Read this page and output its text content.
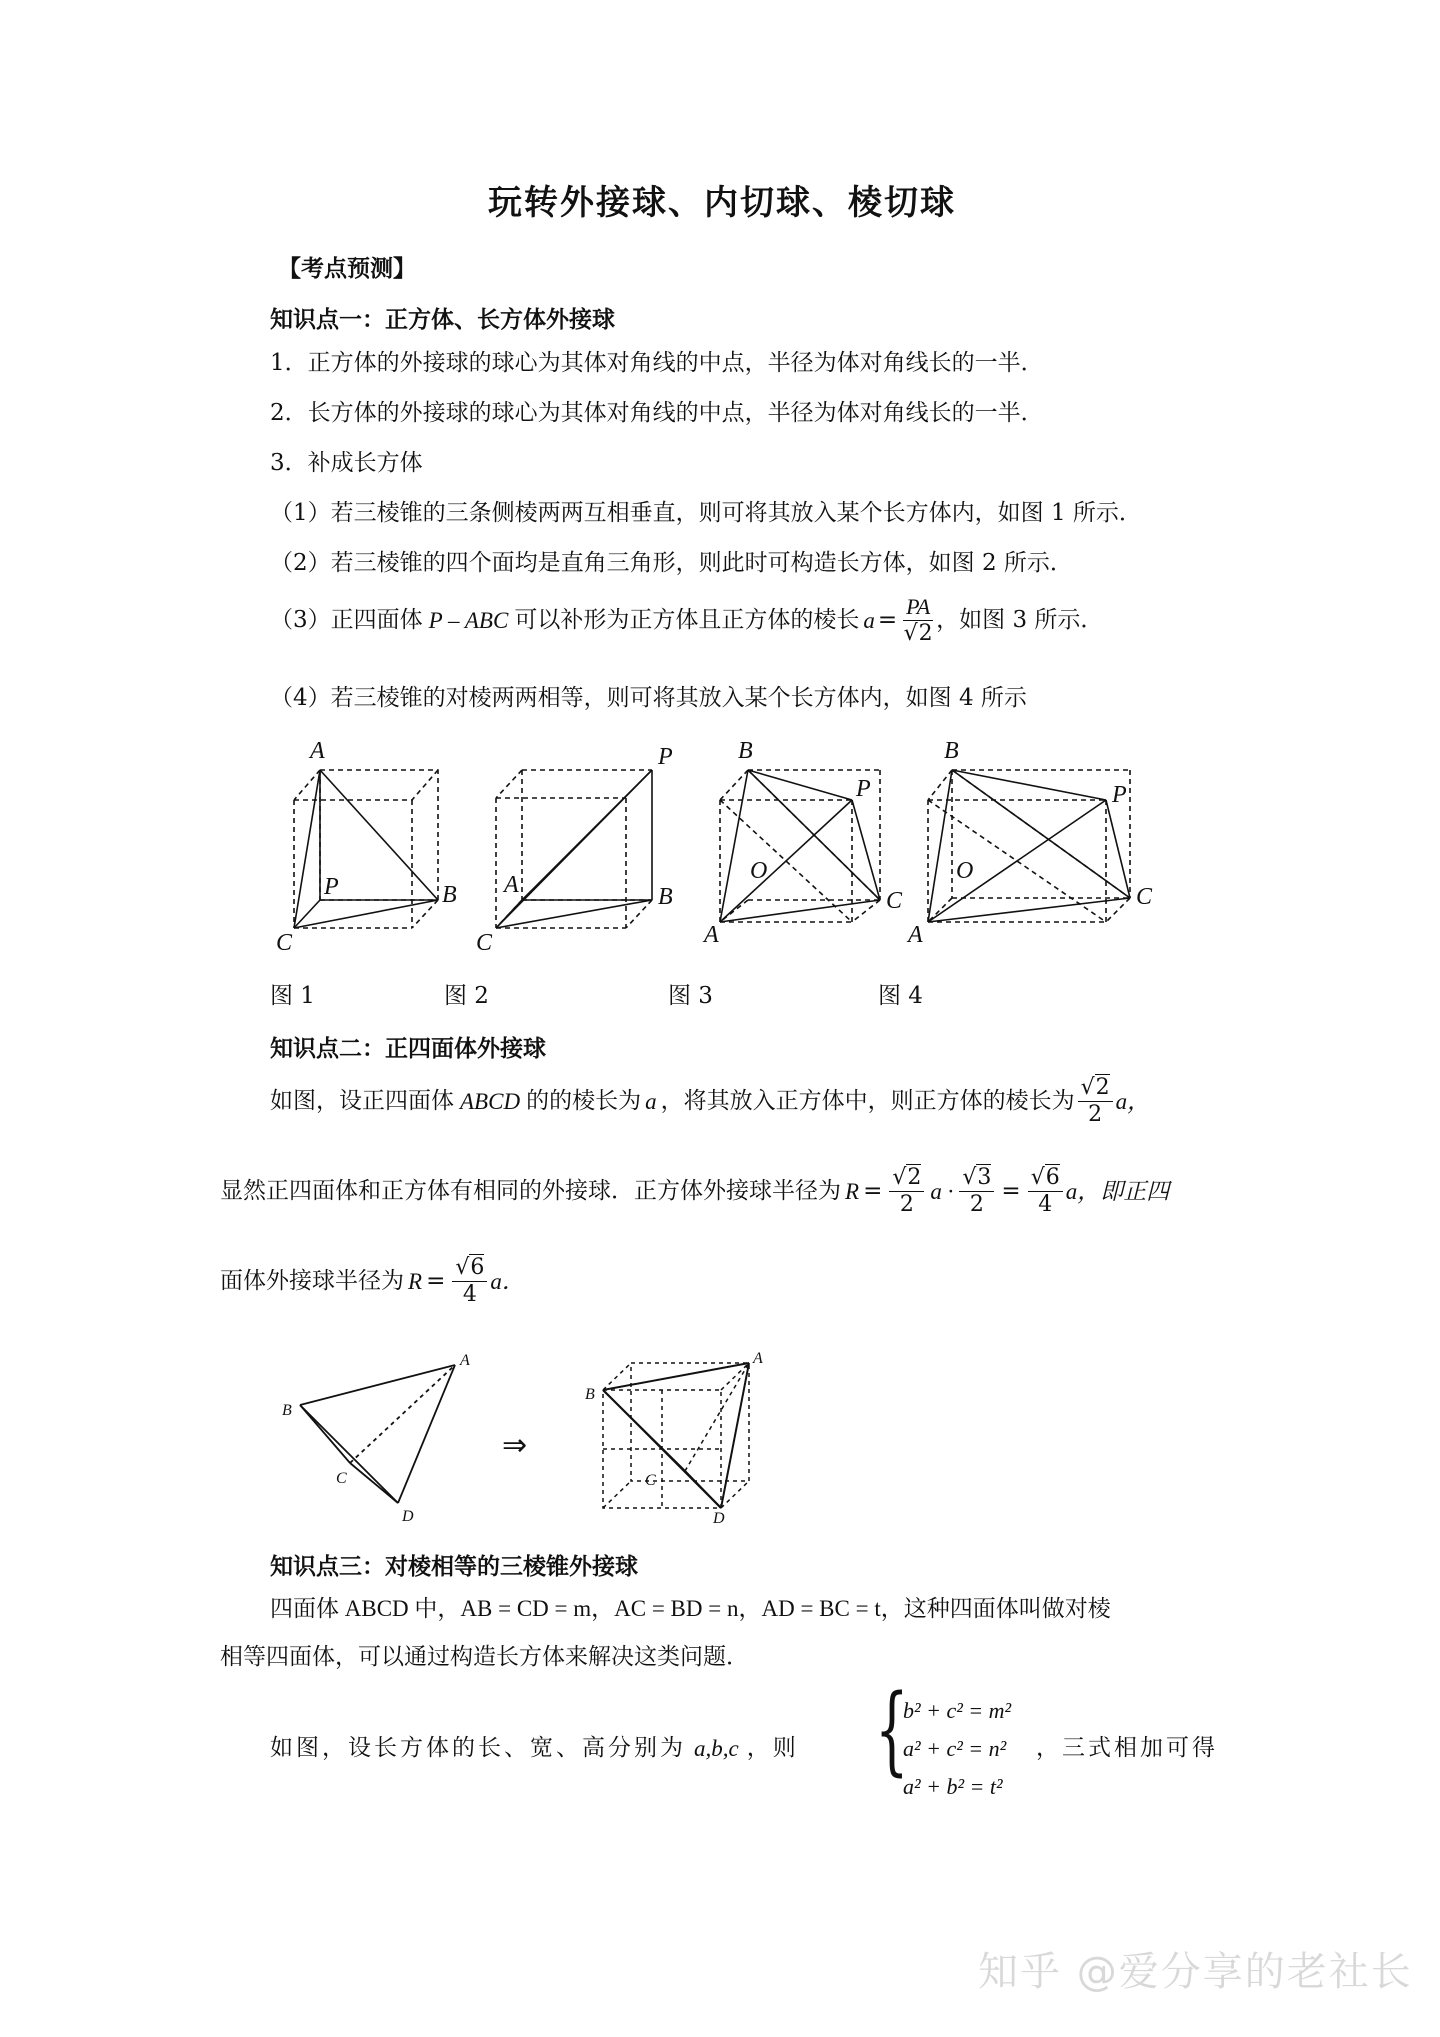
玩转外接球、内切球、棱切球
【考点预测】
知识点一：正方体、长方体外接球
1．正方体的外接球的球心为其体对角线的中点，半径为体对角线长的一半．
2．长方体的外接球的球心为其体对角线的中点，半径为体对角线长的一半．
3．补成长方体
（1）若三棱锥的三条侧棱两两互相垂直，则可将其放入某个长方体内，如图 1 所示．
（2）若三棱锥的四个面均是直角三角形，则此时可构造长方体，如图 2 所示．
（3）正四面体 P – ABC 可以补形为正方体且正方体的棱长 $a = \frac{PA}{√2}$ ，如图 3 所示．
（4）若三棱锥的对棱两两相等，则可将其放入某个长方体内，如图 4 所示
A
P	B
C
P
A	B
C
B
P
O
C
A
B
P
O
C
A
图 1	图 2	图 3	图 4
知识点二：正四面体外接球
如图，设正四面体 ABCD 的的棱长为 a ，将其放入正方体中，则正方体的棱长为 $\frac{√2}{2}$ a，
显然正四面体和正方体有相同的外接球．正方体外接球半径为 $R = \frac{√2}{2}$ $a \cdot \frac{√3}{2} = \frac{√6}{4}$ a，即正四
面体外接球半径为 $R = \frac{√6}{4}$ a．
B
A
C
D
⇒
B
A
C
D
知识点三：对棱相等的三棱锥外接球
四面体 ABCD 中，AB = CD = m，AC = BD = n，AD = BC = t，这种四面体叫做对棱
相等四面体，可以通过构造长方体来解决这类问题．
如图，设长方体的长、宽、高分别为 a,b,c ，则 {
b² + c² = m²
a² + c² = n²
a² + b² = t²
，三式相加可得
知乎 @爱分享的老社长
